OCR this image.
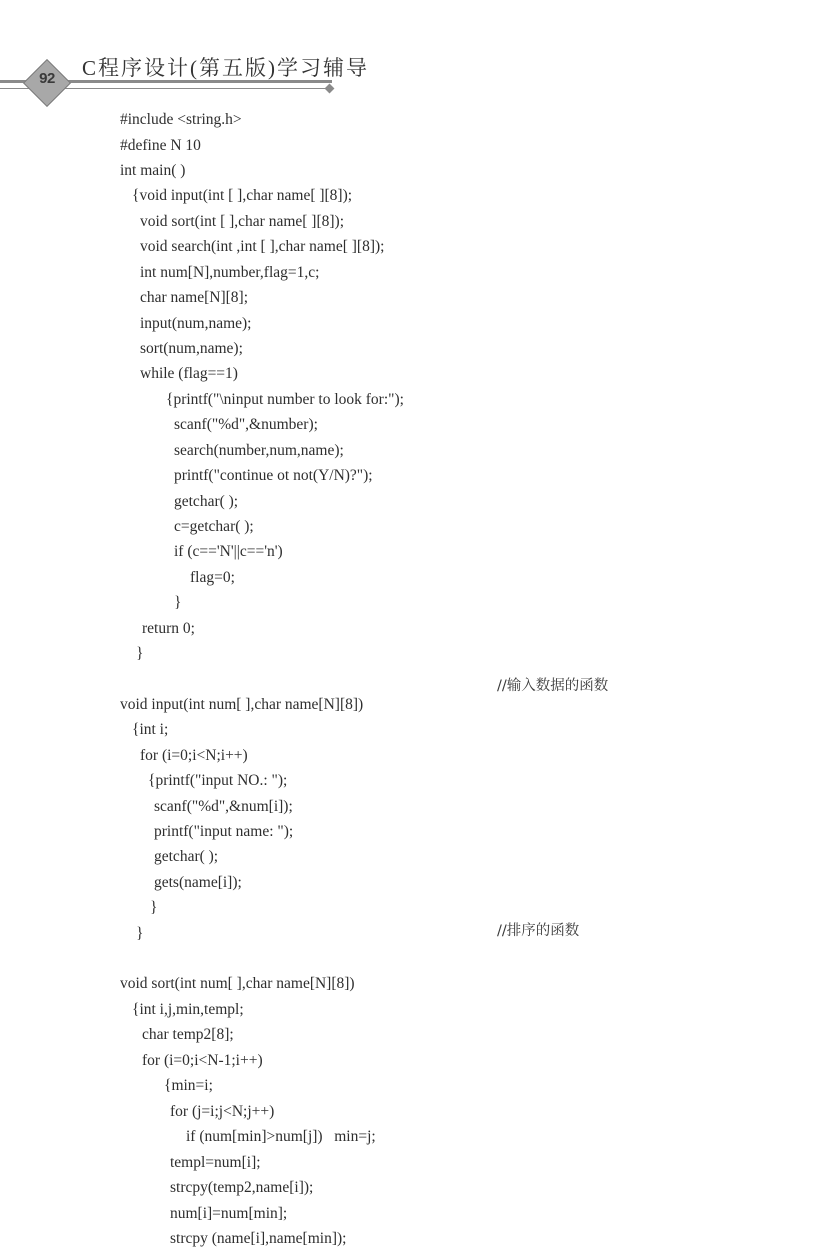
92	C程序设计(第五版)学习辅导
#include <string.h>
#define N 10
int main( )
{void input(int [ ],char name[ ][8]);
void sort(int [ ],char name[ ][8]);
void search(int ,int [ ],char name[ ][8]);
int num[N],number,flag=1,c;
char name[N][8];
input(num,name);
sort(num,name);
while (flag==1)
{printf("\ninput number to look for:");
scanf("%d",&number);
search(number,num,name);
printf("continue ot not(Y/N)?");
getchar( );
c=getchar( );
if (c=='N'||c=='n')
flag=0;
}
return 0;
}
void input(int num[ ],char name[N][8])
{int i;
for (i=0;i<N;i++)
{printf("input NO.: ");
scanf("%d",&num[i]);
printf("input name: ");
getchar( );
gets(name[i]);
}
}
void sort(int num[ ],char name[N][8])
{int i,j,min,templ;
char temp2[8];
for (i=0;i<N-1;i++)
{min=i;
for (j=i;j<N;j++)
if (num[min]>num[j])   min=j;
templ=num[i];
strcpy(temp2,name[i]);
num[i]=num[min];
strcpy (name[i],name[min]);
//输入数据的函数
//排序的函数
